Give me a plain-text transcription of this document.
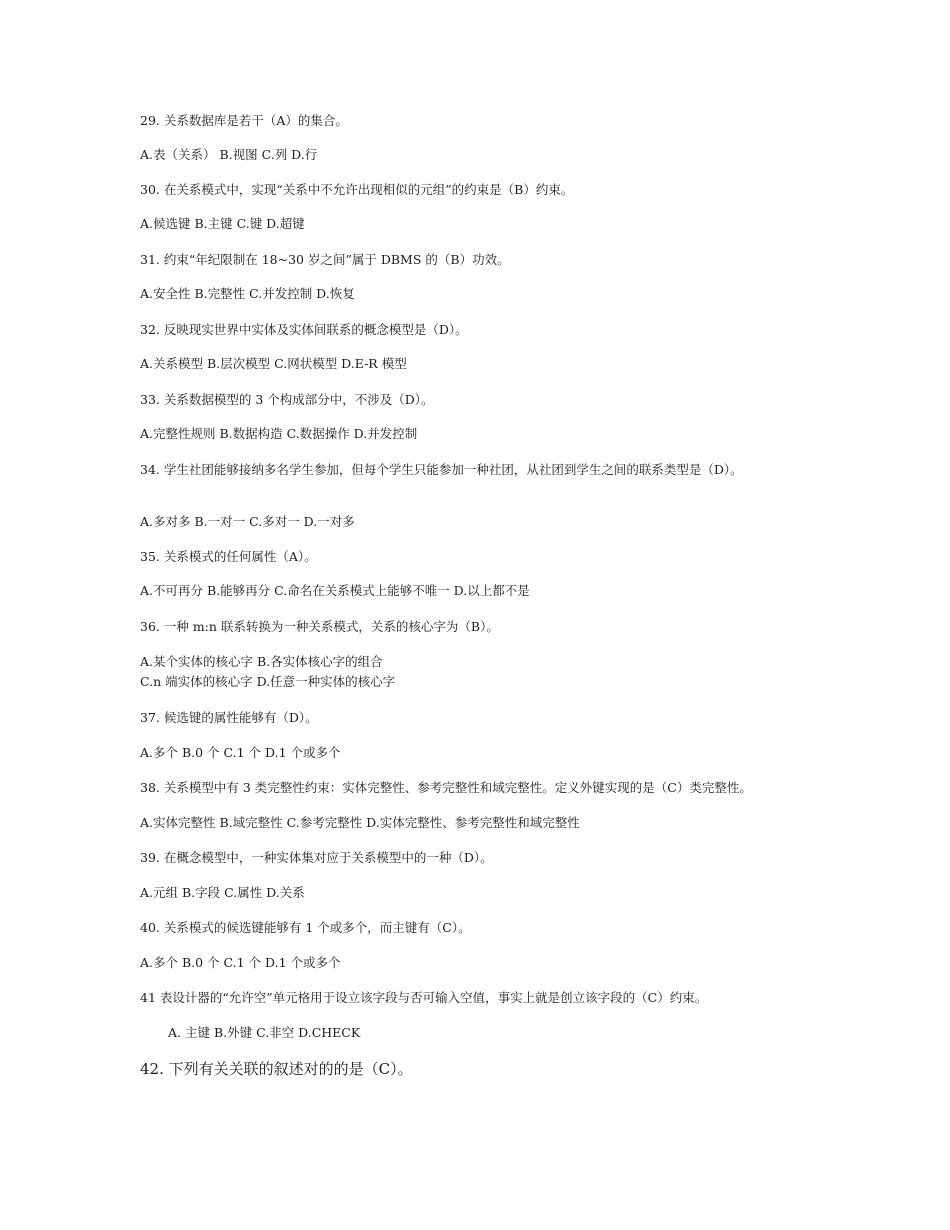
29. 关系数据库是若干（A）的集合。
A.表（关系） B.视图 C.列 D.行
30. 在关系模式中，实现“关系中不允许出现相似的元组”的约束是（B）约束。
A.候选键 B.主键 C.键 D.超键
31. 约束“年纪限制在 18~30 岁之间”属于 DBMS 的（B）功效。
A.安全性 B.完整性 C.并发控制 D.恢复
32. 反映现实世界中实体及实体间联系的概念模型是（D）。
A.关系模型 B.层次模型 C.网状模型 D.E-R 模型
33. 关系数据模型的 3 个构成部分中，不涉及（D）。
A.完整性规则 B.数据构造 C.数据操作 D.并发控制
34. 学生社团能够接纳多名学生参加，但每个学生只能参加一种社团，从社团到学生之间的联系类型是（D）。
A.多对多 B.一对一 C.多对一 D.一对多
35. 关系模式的任何属性（A）。
A.不可再分 B.能够再分 C.命名在关系模式上能够不唯一 D.以上都不是
36. 一种 m:n 联系转换为一种关系模式，关系的核心字为（B）。
A.某个实体的核心字 B.各实体核心字的组合
C.n 端实体的核心字 D.任意一种实体的核心字
37. 候选键的属性能够有（D）。
A.多个 B.0 个 C.1 个 D.1 个或多个
38. 关系模型中有 3 类完整性约束：实体完整性、参考完整性和域完整性。定义外键实现的是（C）类完整性。
A.实体完整性 B.域完整性 C.参考完整性 D.实体完整性、参考完整性和域完整性
39. 在概念模型中，一种实体集对应于关系模型中的一种（D）。
A.元组 B.字段 C.属性 D.关系
40. 关系模式的候选键能够有 1 个或多个，而主键有（C）。
A.多个 B.0 个 C.1 个 D.1 个或多个
41 表设计器的“允许空”单元格用于设立该字段与否可输入空值，事实上就是创立该字段的（C）约束。
A. 主键 B.外键 C.非空 D.CHECK
42. 下列有关关联的叙述对的的是（C）。
